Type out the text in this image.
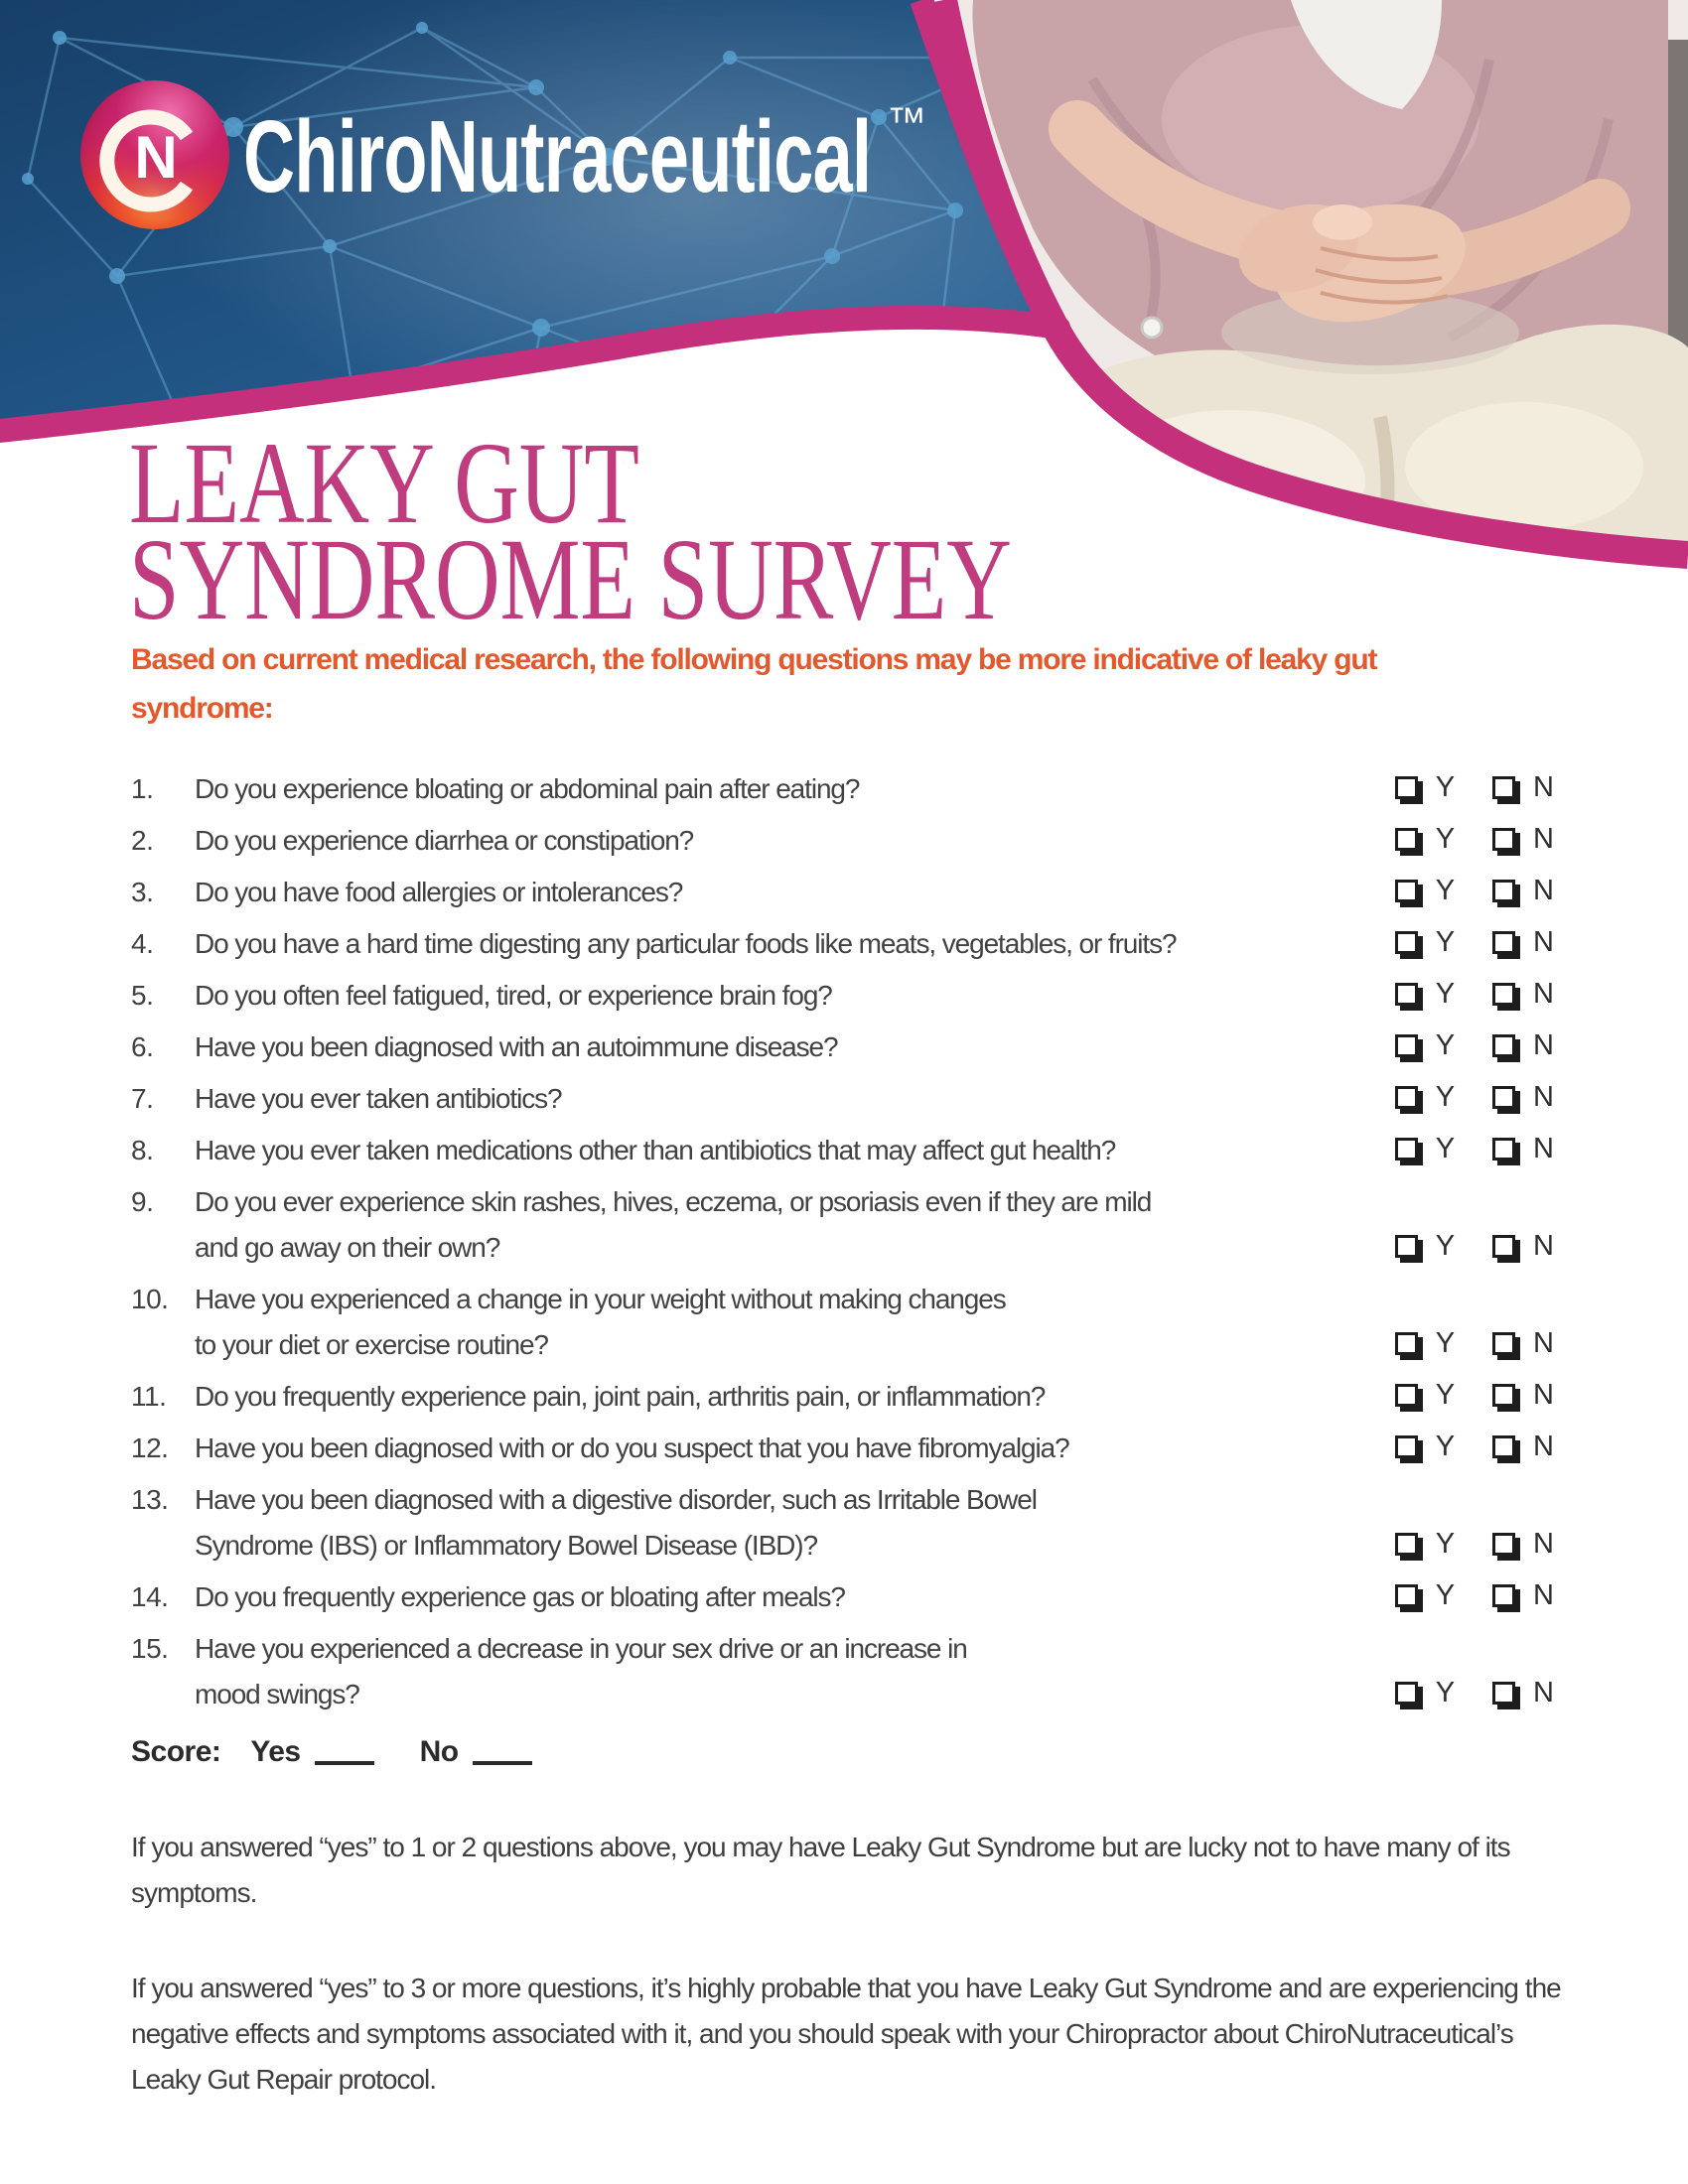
N ChiroNutraceutical ™
LEAKY GUT
SYNDROME SURVEY

Based on current medical research, the following questions may be more indicative of leaky gut syndrome:

1.	Do you experience bloating or abdominal pain after eating?	Y	N
2.	Do you experience diarrhea or constipation?	Y	N
3.	Do you have food allergies or intolerances?	Y	N
4.	Do you have a hard time digesting any particular foods like meats, vegetables, or fruits?	Y	N
5.	Do you often feel fatigued, tired, or experience brain fog?	Y	N
6.	Have you been diagnosed with an autoimmune disease?	Y	N
7.	Have you ever taken antibiotics?	Y	N
8.	Have you ever taken medications other than antibiotics that may affect gut health?	Y	N
9.	Do you ever experience skin rashes, hives, eczema, or psoriasis even if they are mild
and go away on their own?	Y	N
10. Have you experienced a change in your weight without making changes
to your diet or exercise routine?	Y	N
11.	Do you frequently experience pain, joint pain, arthritis pain, or inflammation?	Y	N
12. Have you been diagnosed with or do you suspect that you have fibromyalgia?	Y	N
13. Have you been diagnosed with a digestive disorder, such as Irritable Bowel
Syndrome (IBS) or Inflammatory Bowel Disease (IBD)?	Y	N
14. Do you frequently experience gas or bloating after meals?	Y	N
15. Have you experienced a decrease in your sex drive or an increase in
mood swings?	Y	N
Score: Yes	No

If you answered “yes” to 1 or 2 questions above, you may have Leaky Gut Syndrome but are lucky not to have many of its symptoms.

If you answered “yes” to 3 or more questions, it’s highly probable that you have Leaky Gut Syndrome and are experiencing the negative effects and symptoms associated with it, and you should speak with your Chiropractor about ChiroNutraceutical’s Leaky Gut Repair protocol.
